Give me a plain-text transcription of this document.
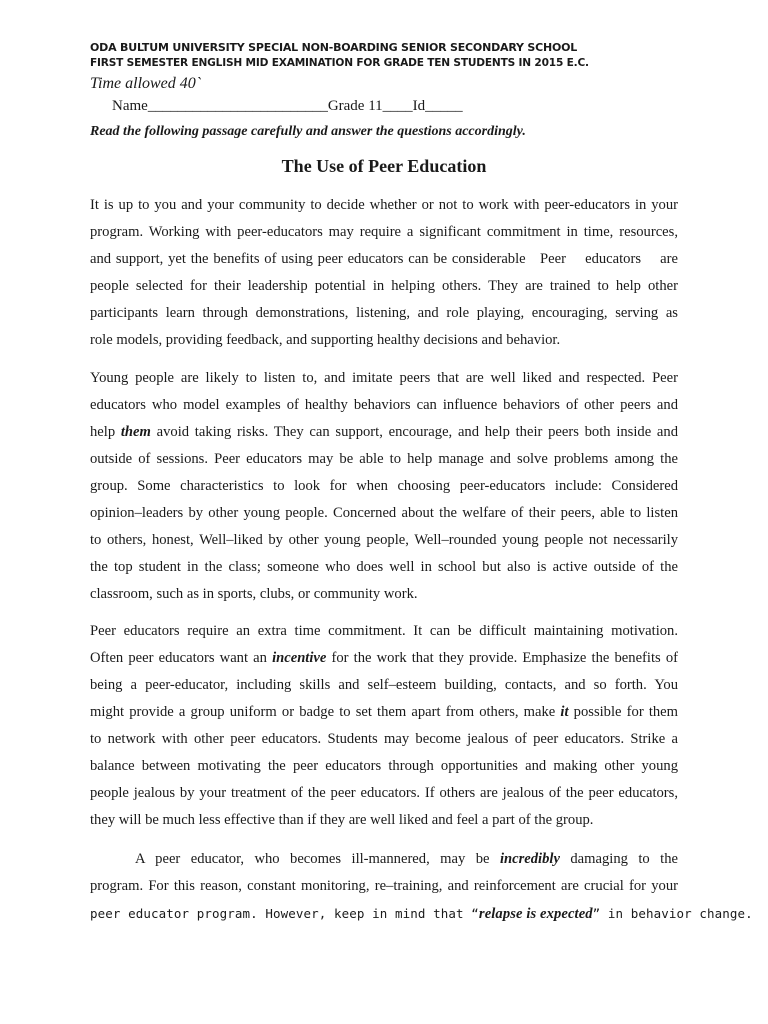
ODA BULTUM UNIVERSITY SPECIAL NON-BOARDING SENIOR SECONDARY SCHOOL
FIRST SEMESTER ENGLISH MID EXAMINATION FOR GRADE TEN STUDENTS IN 2015 E.C.
Time allowed 40`
Name________________________Grade 11____Id_____
Read the following passage carefully and answer the questions accordingly.
The Use of Peer Education
It is up to you and your community to decide whether or not to work with peer-educators in your
program. Working with peer-educators may require a significant commitment in time, resources,
and support, yet the benefits of using peer educators can be considerable   Peer    educators    are
people selected for their leadership potential in helping others. They are trained to help other
participants learn through demonstrations, listening, and role playing, encouraging, serving as
role models, providing feedback, and supporting healthy decisions and behavior.
Young people are likely to listen to, and imitate peers that are well liked and respected. Peer
educators who model examples of healthy behaviors can influence behaviors of other peers and
help them avoid taking risks. They can support, encourage, and help their peers both inside and
outside of sessions. Peer educators may be able to help manage and solve problems among the
group. Some characteristics to look for when choosing peer-educators include: Considered
opinion–leaders by other young people. Concerned about the welfare of their peers, able to listen
to others, honest, Well–liked by other young people, Well–rounded young people not necessarily
the top student in the class; someone who does well in school but also is active outside of the
classroom, such as in sports, clubs, or community work.
Peer educators require an extra time commitment. It can be difficult maintaining motivation.
Often peer educators want an incentive for the work that they provide. Emphasize the benefits of
being a peer-educator, including skills and self–esteem building, contacts, and so forth. You
might provide a group uniform or badge to set them apart from others, make it possible for them
to network with other peer educators. Students may become jealous of peer educators. Strike a
balance between motivating the peer educators through opportunities and making other young
people jealous by your treatment of the peer educators. If others are jealous of the peer educators,
they will be much less effective than if they are well liked and feel a part of the group.
A peer educator, who becomes ill-mannered, may be incredibly damaging to the
program. For this reason, constant monitoring, re–training, and reinforcement are crucial for your
peer educator program. However, keep in mind that “relapse is expected” in behavior change.
